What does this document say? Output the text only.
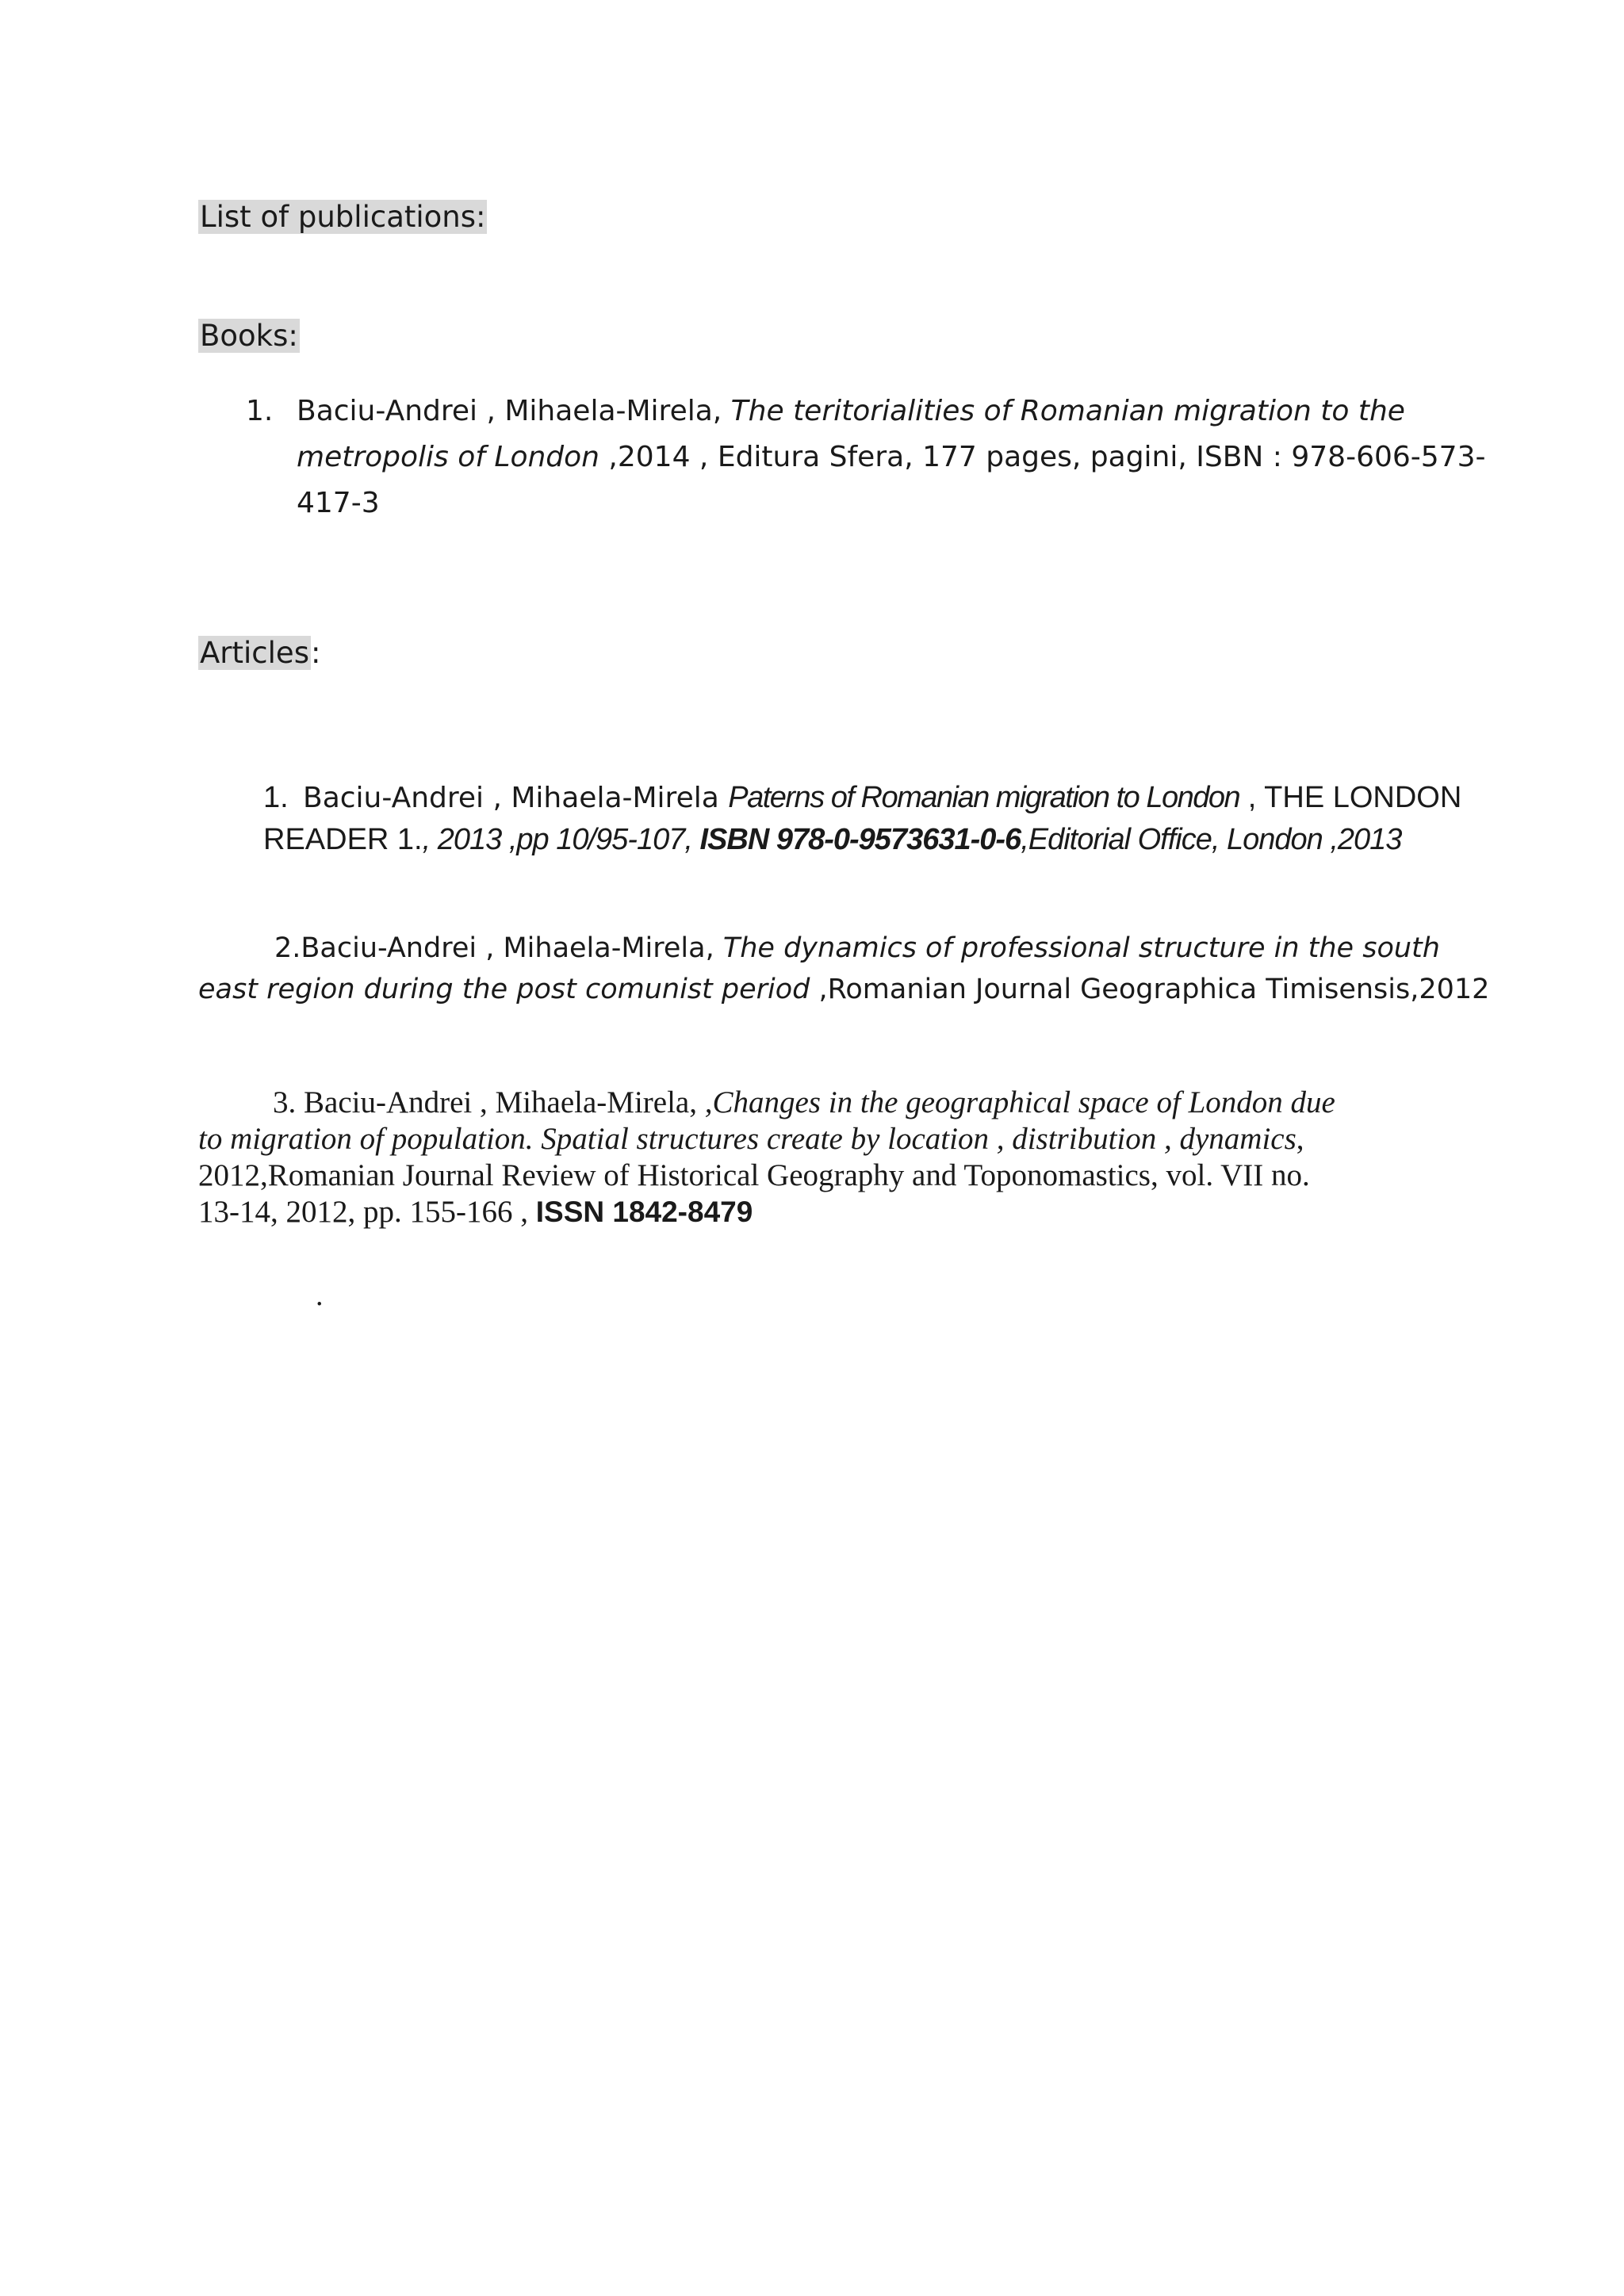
List of publications:
Books:
1. Baciu-Andrei , Mihaela-Mirela, The teritorialities of Romanian migration to the
metropolis of London ,2014 , Editura Sfera, 177 pages, pagini, ISBN : 978-606-573-
417-3
Articles:
1. Baciu-Andrei , Mihaela-Mirela Paterns of Romanian migration to London , THE LONDON
READER 1., 2013 ,pp 10/95-107, ISBN 978-0-9573631-0-6,Editorial Office, London ,2013
2.Baciu-Andrei , Mihaela-Mirela, The dynamics of professional structure in the south
east region during the post comunist period ,Romanian Journal Geographica Timisensis,2012
3. Baciu-Andrei , Mihaela-Mirela, ,Changes in the geographical space of London due
to migration of population. Spatial structures create by location , distribution , dynamics,
2012,Romanian Journal Review of Historical Geography and Toponomastics, vol. VII no.
13-14, 2012, pp. 155-166 , ISSN 1842-8479
.
